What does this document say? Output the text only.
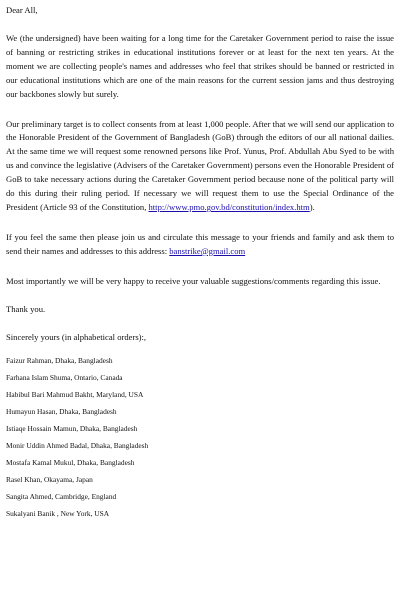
Dear All,

We (the undersigned) have been waiting for a long time for the Caretaker Government period to raise the issue of banning or restricting strikes in educational institutions forever or at least for the next ten years. At the moment we are collecting people's names and addresses who feel that strikes should be banned or restricted in our educational institutions which are one of the main reasons for the current session jams and thus destroying our backbones slowly but surely.

Our preliminary target is to collect consents from at least 1,000 people. After that we will send our application to the Honorable President of the Government of Bangladesh (GoB) through the editors of our all national dailies. At the same time we will request some renowned persons like Prof. Yunus, Prof. Abdullah Abu Syed to be with us and convince the legislative (Advisers of the Caretaker Government) persons even the Honorable President of GoB to take necessary actions during the Caretaker Government period because none of the political party will do this during their ruling period. If necessary we will request them to use the Special Ordinance of the President (Article 93 of the Constitution, http://www.pmo.gov.bd/constitution/index.htm).

If you feel the same then please join us and circulate this message to your friends and family and ask them to send their names and addresses to this address: banstrike@gmail.com

Most importantly we will be very happy to receive your valuable suggestions/comments regarding this issue.

Thank you.

Sincerely yours (in alphabetical orders):,

Faizur Rahman, Dhaka, Bangladesh
Farhana Islam Shuma, Ontario, Canada
Habibul Bari Mahmud Bakht, Maryland, USA
Humayun Hasan, Dhaka, Bangladesh
Istiaqe Hossain Mamun, Dhaka, Bangladesh
Monir Uddin Ahmed Badal, Dhaka, Bangladesh
Mostafa Kamal Mukul, Dhaka, Bangladesh
Rasel Khan, Okayama, Japan
Sangita Ahmed, Cambridge, England
Sukalyani Banik , New York, USA
